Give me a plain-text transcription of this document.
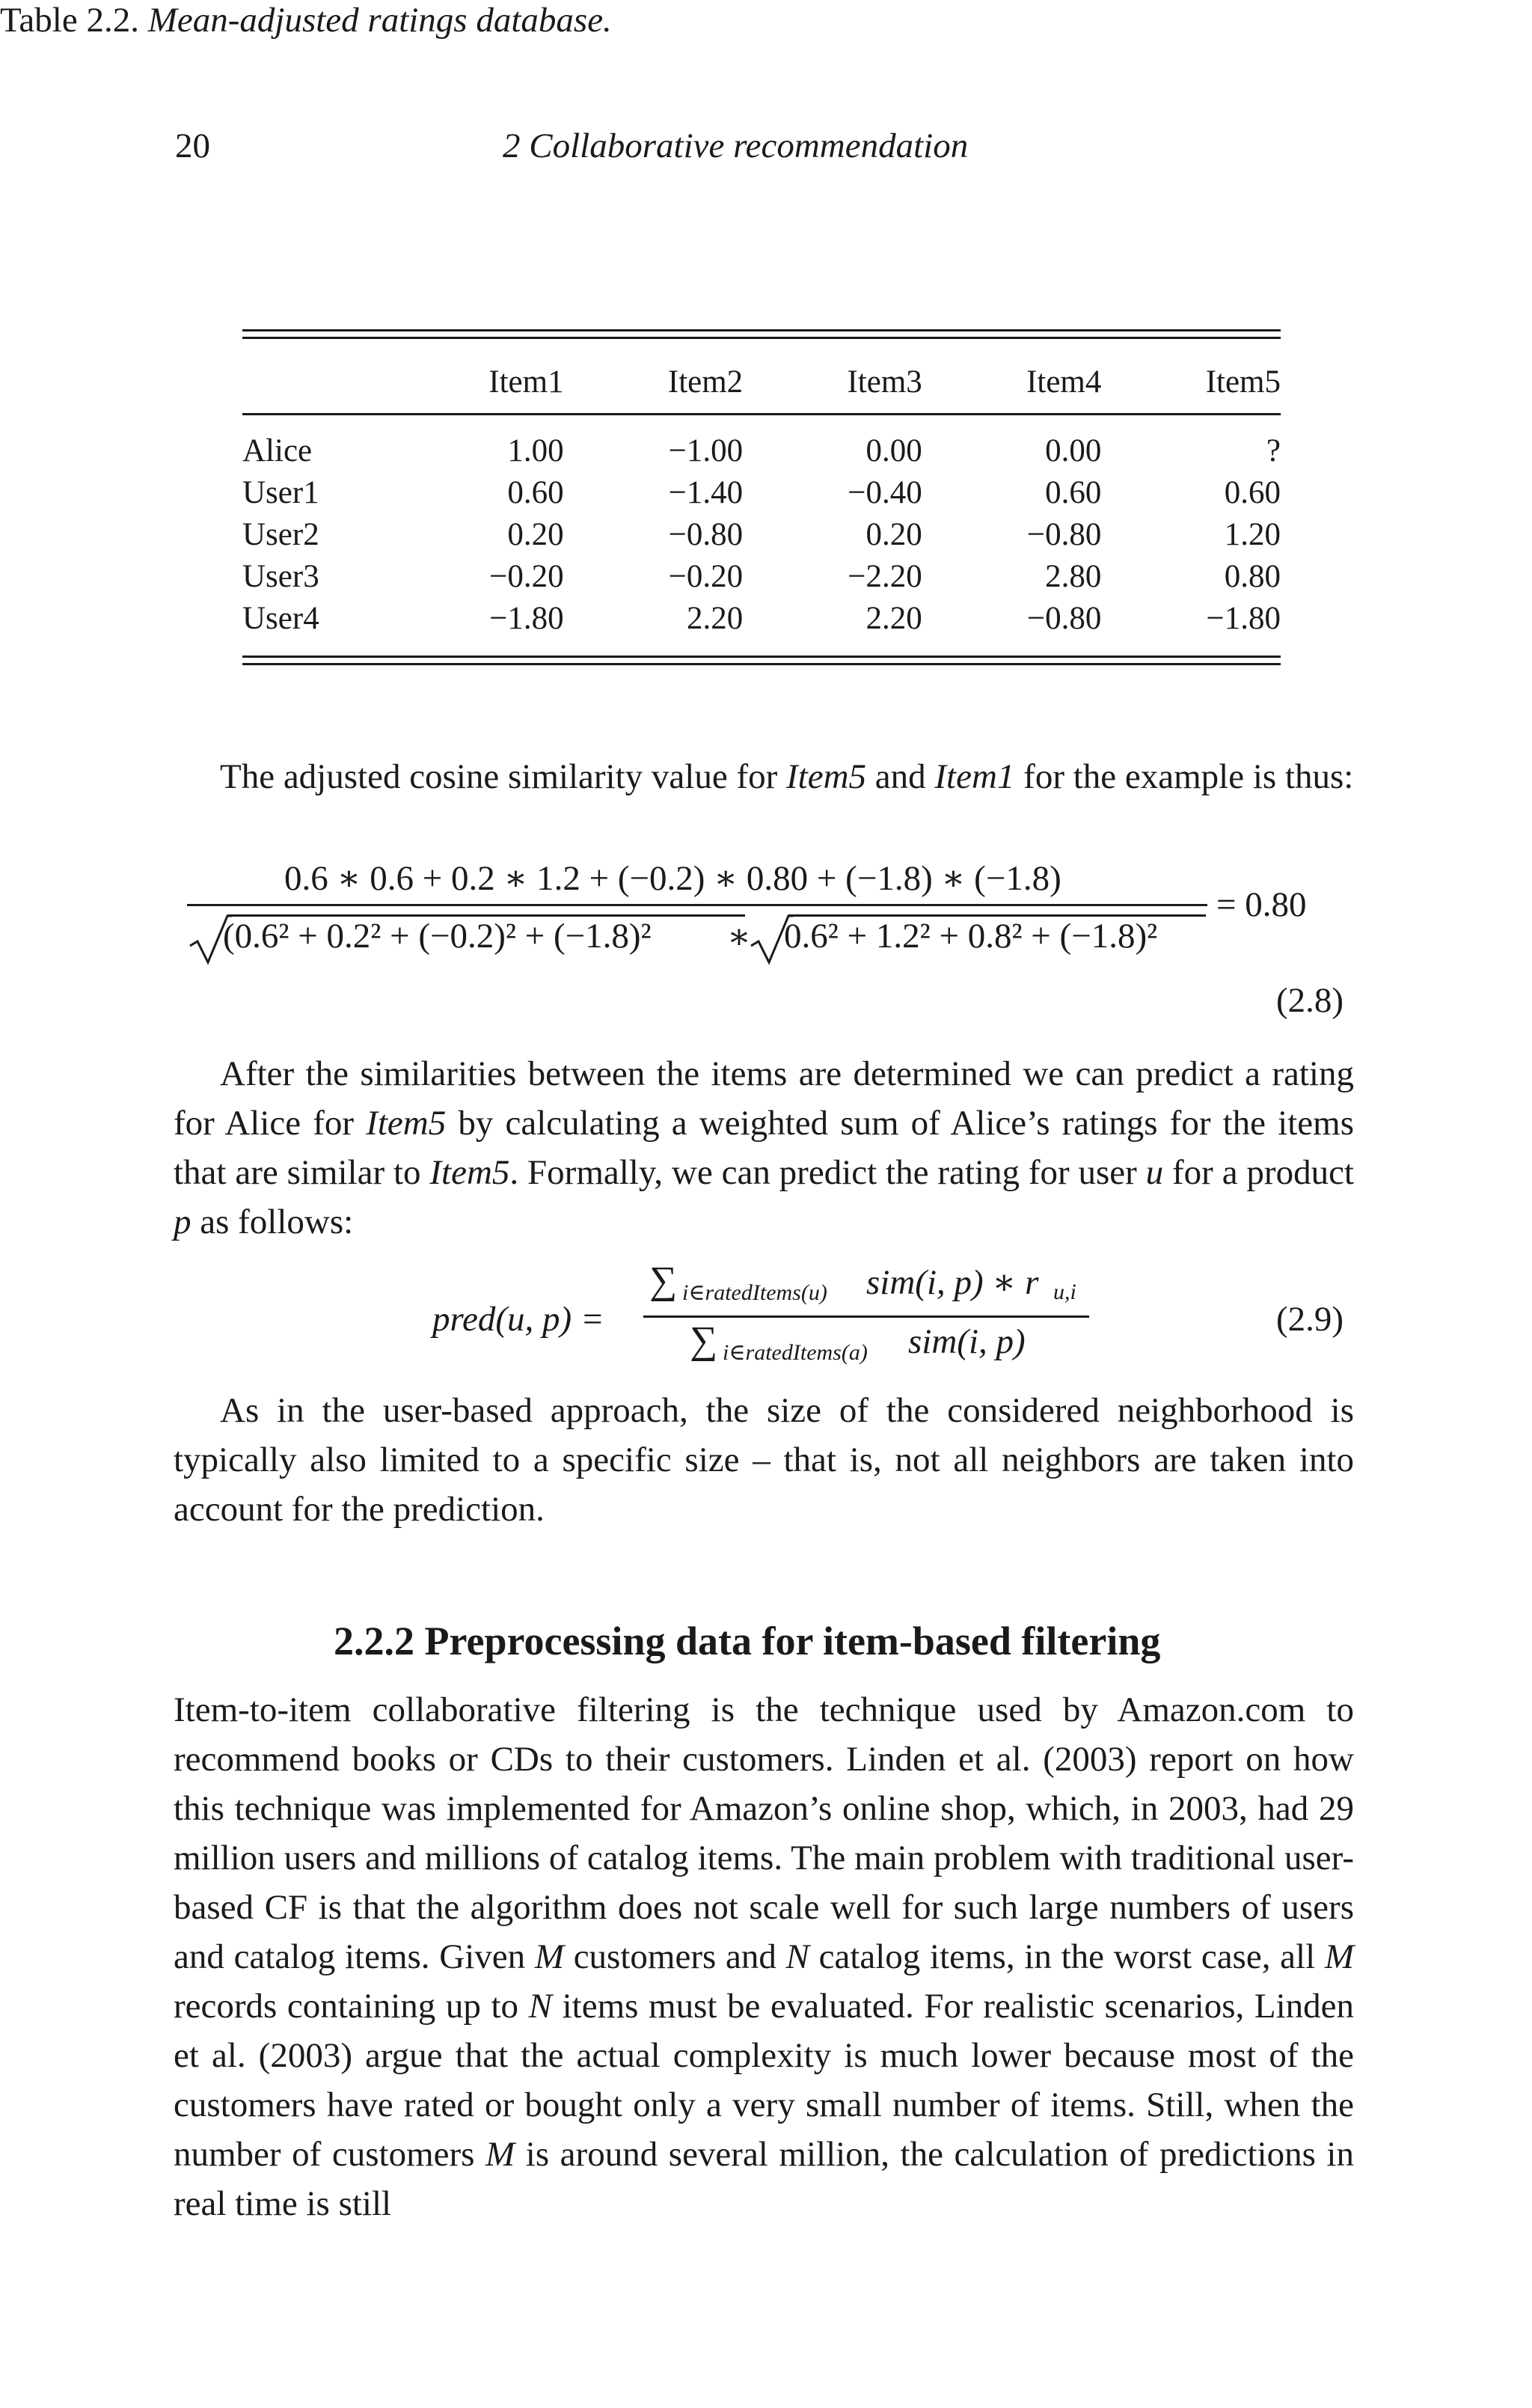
20	2 Collaborative recommendation
Table 2.2. Mean-adjusted ratings database.
	Item1	Item2	Item3	Item4	Item5
Alice	1.00	−1.00	0.00	0.00	?
User1	0.60	−1.40	−0.40	0.60	0.60
User2	0.20	−0.80	0.20	−0.80	1.20
User3	−0.20	−0.20	−2.20	2.80	0.80
User4	−1.80	2.20	2.20	−0.80	−1.80
The adjusted cosine similarity value for Item5 and Item1 for the example is thus:
0.6 ∗ 0.6 + 0.2 ∗ 1.2 + (−0.2) ∗ 0.80 + (−1.8) ∗ (−1.8)
(0.6² + 0.2² + (−0.2)² + (−1.8)² ∗ 0.6² + 1.2² + 0.8² + (−1.8)²
= 0.80
(2.8)
After the similarities between the items are determined we can predict a rating for Alice for Item5 by calculating a weighted sum of Alice’s ratings for the items that are similar to Item5. Formally, we can predict the rating for user u for a product p as follows:
pred(u, p) =
∑ i∈ratedItems(u) sim(i, p) ∗ r u,i
∑ i∈ratedItems(a) sim(i, p)
(2.9)
As in the user-based approach, the size of the considered neighborhood is typically also limited to a specific size – that is, not all neighbors are taken into account for the prediction.
2.2.2 Preprocessing data for item-based filtering
Item-to-item collaborative filtering is the technique used by Amazon.com to recommend books or CDs to their customers. Linden et al. (2003) report on how this technique was implemented for Amazon’s online shop, which, in 2003, had 29 million users and millions of catalog items. The main problem with traditional user-based CF is that the algorithm does not scale well for such large numbers of users and catalog items. Given M customers and N catalog items, in the worst case, all M records containing up to N items must be evaluated. For realistic scenarios, Linden et al. (2003) argue that the actual complexity is much lower because most of the customers have rated or bought only a very small number of items. Still, when the number of customers M is around several million, the calculation of predictions in real time is still
